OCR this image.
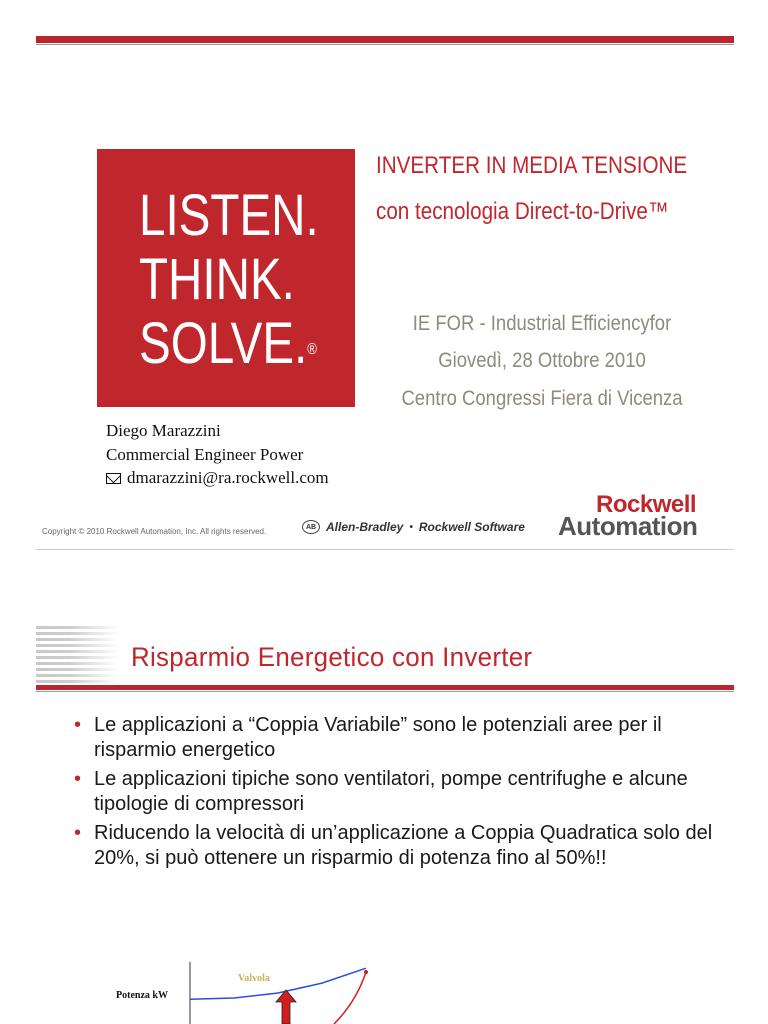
LISTEN.
THINK.
SOLVE.®
INVERTER IN MEDIA TENSIONE
con tecnologia Direct-to-Drive™
IE FOR - Industrial Efficiencyfor
Giovedì, 28 Ottobre 2010
Centro Congressi Fiera di Vicenza
Diego Marazzini
Commercial Engineer Power
dmarazzini@ra.rockwell.com
Copyright © 2010 Rockwell Automation, Inc. All rights reserved.	AB Allen-Bradley • Rockwell Software
Rockwell
Automation
Risparmio Energetico con Inverter
• Le applicazioni a “Coppia Variabile” sono le potenziali aree per il risparmio energetico
• Le applicazioni tipiche sono ventilatori, pompe centrifughe e alcune tipologie di compressori
• Riducendo la velocità di un’applicazione a Coppia Quadratica solo del 20%, si può ottenere un risparmio di potenza fino al 50%!!
Potenza kW
Valvola
